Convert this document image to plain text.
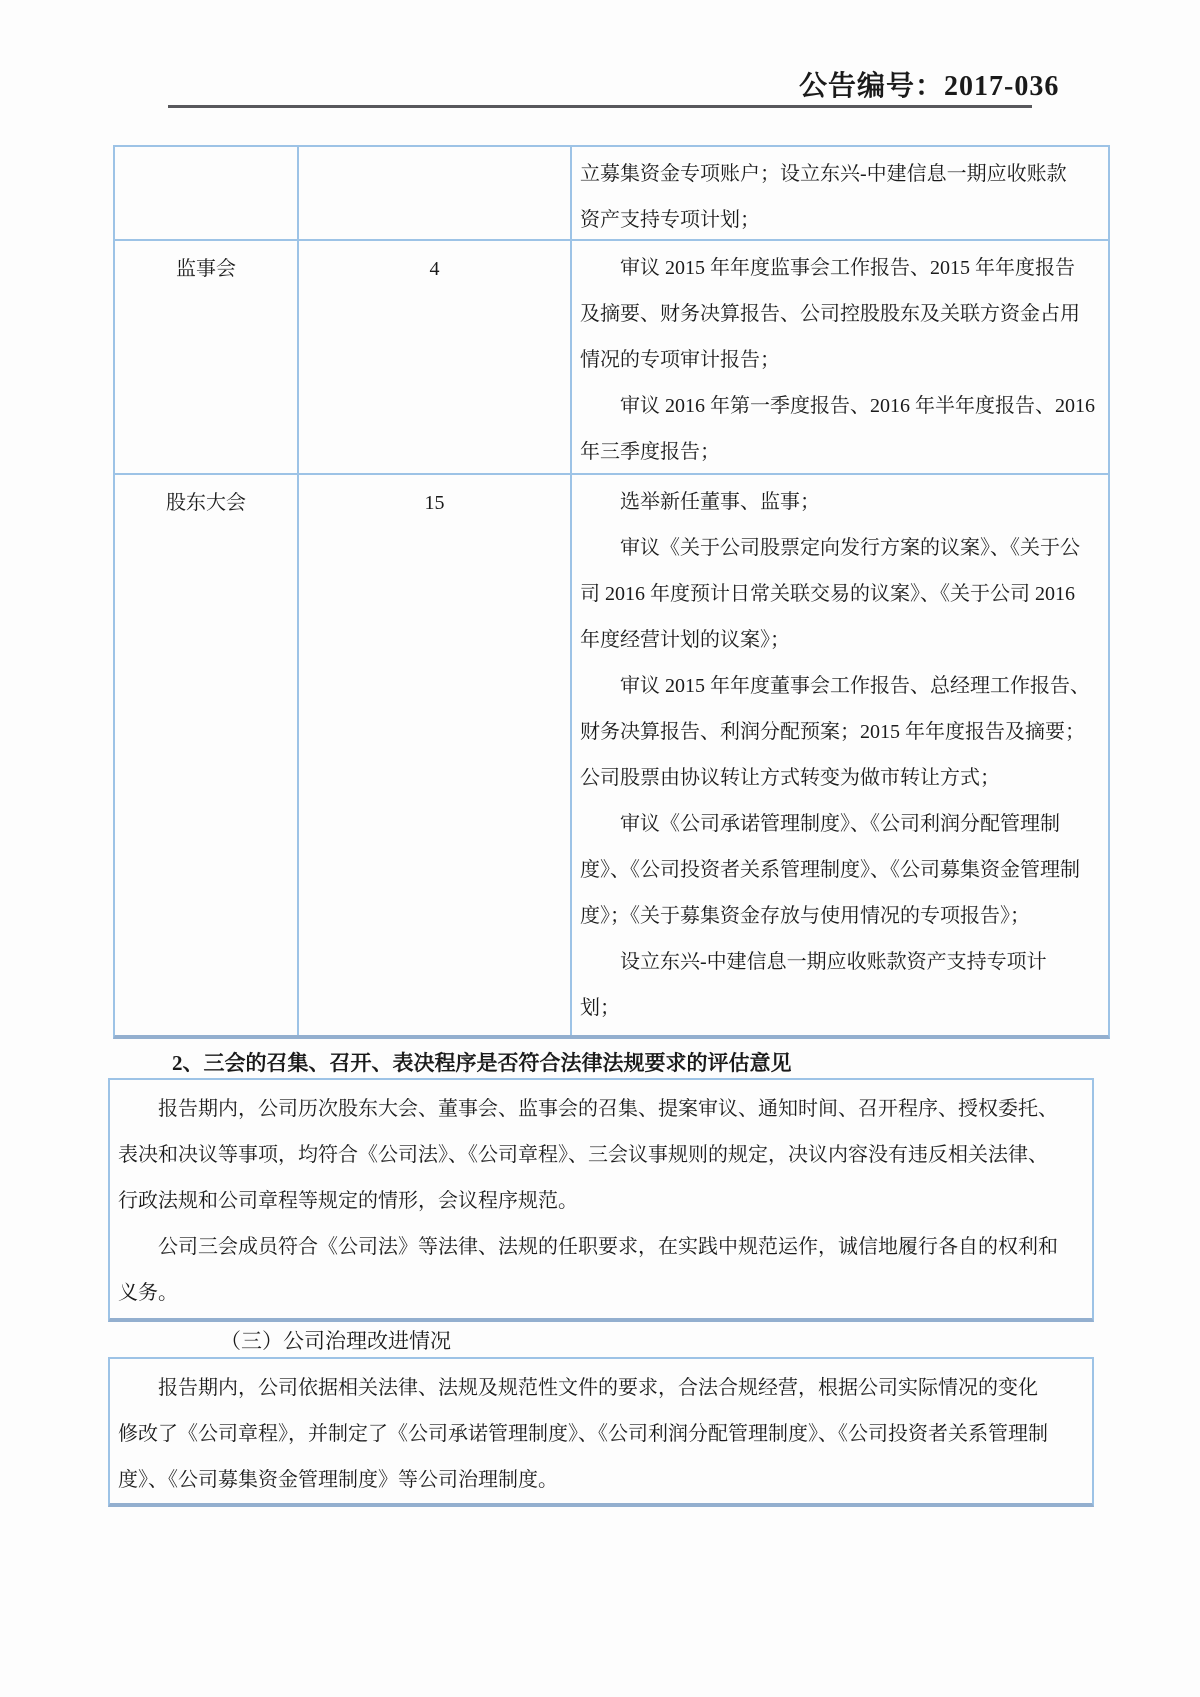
公告编号：2017-036
立募集资金专项账户；设立东兴-中建信息一期应收账款
资产支持专项计划；
监事会	4	审议 2015 年年度监事会工作报告、2015 年年度报告
及摘要、财务决算报告、公司控股股东及关联方资金占用
情况的专项审计报告；
审议 2016 年第一季度报告、2016 年半年度报告、2016
年三季度报告；
股东大会	15	选举新任董事、监事；
审议《关于公司股票定向发行方案的议案》、《关于公
司 2016 年度预计日常关联交易的议案》、《关于公司 2016
年度经营计划的议案》；
审议 2015 年年度董事会工作报告、总经理工作报告、
财务决算报告、利润分配预案；2015 年年度报告及摘要；
公司股票由协议转让方式转变为做市转让方式；
审议《公司承诺管理制度》、《公司利润分配管理制
度》、《公司投资者关系管理制度》、《公司募集资金管理制
度》；《关于募集资金存放与使用情况的专项报告》；
设立东兴-中建信息一期应收账款资产支持专项计
划；
2、三会的召集、召开、表决程序是否符合法律法规要求的评估意见
报告期内，公司历次股东大会、董事会、监事会的召集、提案审议、通知时间、召开程序、授权委托、
表决和决议等事项，均符合《公司法》、《公司章程》、三会议事规则的规定，决议内容没有违反相关法律、
行政法规和公司章程等规定的情形，会议程序规范。
公司三会成员符合《公司法》等法律、法规的任职要求，在实践中规范运作，诚信地履行各自的权利和
义务。
（三）公司治理改进情况
报告期内，公司依据相关法律、法规及规范性文件的要求，合法合规经营，根据公司实际情况的变化
修改了《公司章程》，并制定了《公司承诺管理制度》、《公司利润分配管理制度》、《公司投资者关系管理制
度》、《公司募集资金管理制度》等公司治理制度。
